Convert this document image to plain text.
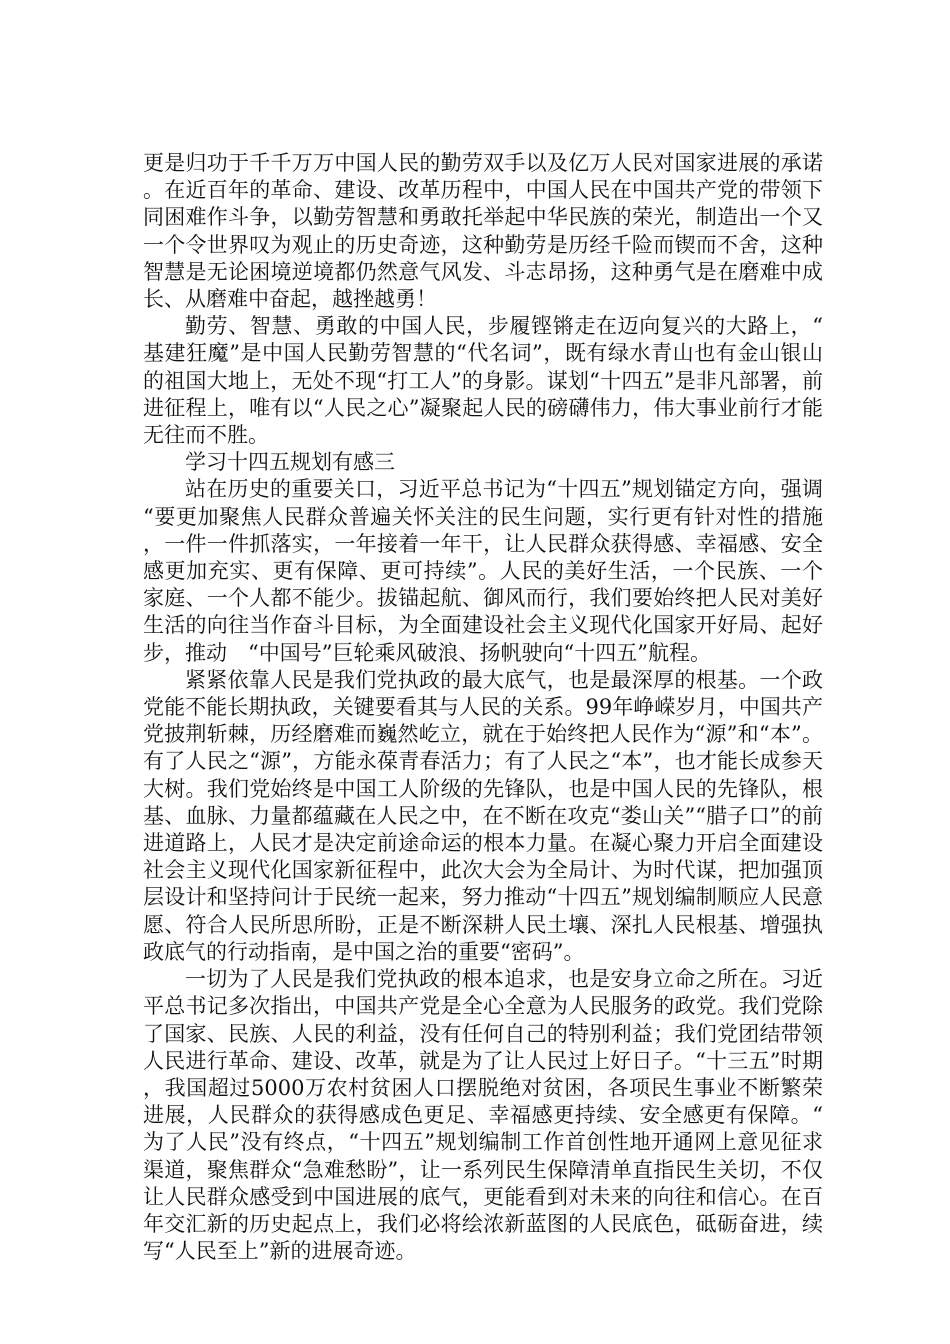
更是归功于千千万万中国人民的勤劳双手以及亿万人民对国家进展的承诺。在近百年的革命、建设、改革历程中，中国人民在中国共产党的带领下同困难作斗争，以勤劳智慧和勇敢托举起中华民族的荣光，制造出一个又一个令世界叹为观止的历史奇迹，这种勤劳是历经千险而锲而不舍，这种智慧是无论困境逆境都仍然意气风发、斗志昂扬，这种勇气是在磨难中成长、从磨难中奋起，越挫越勇！

勤劳、智慧、勇敢的中国人民，步履铿锵走在迈向复兴的大路上，“基建狂魔”是中国人民勤劳智慧的“代名词”，既有绿水青山也有金山银山的祖国大地上，无处不现“打工人”的身影。谋划“十四五”是非凡部署，前进征程上，唯有以“人民之心”凝聚起人民的磅礴伟力，伟大事业前行才能无往而不胜。

学习十四五规划有感三

站在历史的重要关口，习近平总书记为“十四五”规划锚定方向，强调“要更加聚焦人民群众普遍关怀关注的民生问题，实行更有针对性的措施，一件一件抓落实，一年接着一年干，让人民群众获得感、幸福感、安全感更加充实、更有保障、更可持续”。人民的美好生活，一个民族、一个家庭、一个人都不能少。拔锚起航、御风而行，我们要始终把人民对美好生活的向往当作奋斗目标，为全面建设社会主义现代化国家开好局、起好步，推动　“中国号”巨轮乘风破浪、扬帆驶向“十四五”航程。

紧紧依靠人民是我们党执政的最大底气，也是最深厚的根基。一个政党能不能长期执政，关键要看其与人民的关系。99年峥嵘岁月，中国共产党披荆斩棘，历经磨难而巍然屹立，就在于始终把人民作为“源”和“本”。有了人民之“源”，方能永葆青春活力；有了人民之“本”，也才能长成参天大树。我们党始终是中国工人阶级的先锋队，也是中国人民的先锋队，根基、血脉、力量都蕴藏在人民之中，在不断在攻克“娄山关”“腊子口”的前进道路上，人民才是决定前途命运的根本力量。在凝心聚力开启全面建设社会主义现代化国家新征程中，此次大会为全局计、为时代谋，把加强顶层设计和坚持问计于民统一起来，努力推动“十四五”规划编制顺应人民意愿、符合人民所思所盼，正是不断深耕人民土壤、深扎人民根基、增强执政底气的行动指南，是中国之治的重要“密码”。

一切为了人民是我们党执政的根本追求，也是安身立命之所在。习近平总书记多次指出，中国共产党是全心全意为人民服务的政党。我们党除了国家、民族、人民的利益，没有任何自己的特别利益；我们党团结带领人民进行革命、建设、改革，就是为了让人民过上好日子。“十三五”时期，我国超过5000万农村贫困人口摆脱绝对贫困，各项民生事业不断繁荣进展，人民群众的获得感成色更足、幸福感更持续、安全感更有保障。“为了人民”没有终点，“十四五”规划编制工作首创性地开通网上意见征求渠道，聚焦群众“急难愁盼”，让一系列民生保障清单直指民生关切，不仅让人民群众感受到中国进展的底气，更能看到对未来的向往和信心。在百年交汇新的历史起点上，我们必将绘浓新蓝图的人民底色，砥砺奋进，续写“人民至上”新的进展奇迹。
